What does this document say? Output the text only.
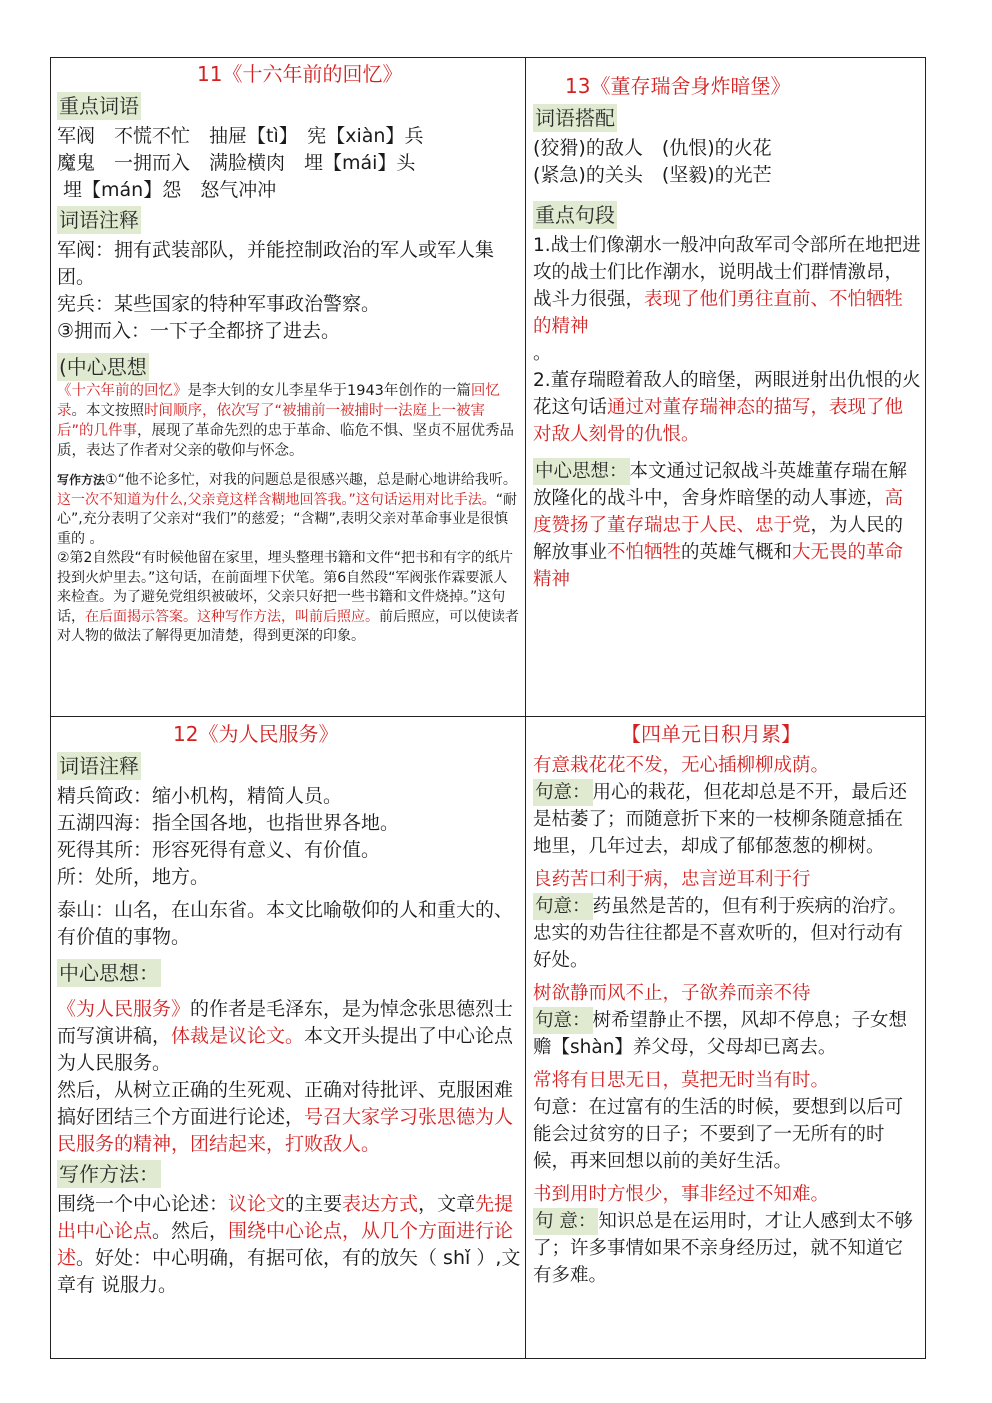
11《十六年前的回忆》
重点词语

军阀　不慌不忙　抽屉【tì】　宪【xiàn】兵

魔鬼　一拥而入　满脸横肉　埋【mái】头

埋【mán】怨　怒气冲冲

词语注释

军阀：拥有武装部队，并能控制政治的军人或军人集团。

宪兵：某些国家的特种军事政治警察。

③拥而入：一下子全都挤了进去。

(中心思想

《十六年前的回忆》是李大钊的女儿李星华于1943年创作的一篇回忆录。本文按照时间顺序，依次写了“被捕前一被捕时一法庭上一被害后”的几件事，展现了革命先烈的忠于革命、临危不惧、坚贞不屈优秀品质，表达了作者对父亲的敬仰与怀念。

写作方法①“他不论多忙，对我的问题总是很感兴趣，总是耐心地讲给我听。这一次不知道为什么,父亲竟这样含糊地回答我。”这句话运用对比手法。“耐心”,充分表明了父亲对“我们”的慈爱；“含糊”,表明父亲对革命事业是很慎重的 。

②第2自然段“有时候他留在家里，埋头整理书籍和文件“把书和有字的纸片投到火炉里去。”这句话，在前面埋下伏笔。第6自然段“军阀张作霖要派人来检查。为了避免党组织被破坏，父亲只好把一些书籍和文件烧掉。”这句话，在后面揭示答案。这种写作方法，叫前后照应。前后照应，可以使读者对人物的做法了解得更加清楚，得到更深的印象。

13《董存瑞舍身炸暗堡》
词语搭配

(狡猾)的敌人　(仇恨)的火花

(紧急)的关头　(坚毅)的光芒

重点句段

1.战士们像潮水一般冲向敌军司令部所在地把进攻的战士们比作潮水，说明战士们群情激昂，战斗力很强，表现了他们勇往直前、不怕牺牲的精神

。

2.董存瑞瞪着敌人的暗堡，两眼迸射出仇恨的火花这句话通过对董存瑞神态的描写，表现了他对敌人刻骨的仇恨。

中心思想： 本文通过记叙战斗英雄董存瑞在解放隆化的战斗中，舍身炸暗堡的动人事迹，高度赞扬了董存瑞忠于人民、忠于党，为人民的解放事业不怕牺牲的英雄气概和大无畏的革命精神

12《为人民服务》
词语注释

精兵简政：缩小机构，精简人员。

五湖四海：指全国各地，也指世界各地。

死得其所：形容死得有意义、有价值。

所：处所，地方。

泰山：山名，在山东省。本文比喻敬仰的人和重大的、有价值的事物。

中心思想：

《为人民服务》的作者是毛泽东，是为悼念张思德烈士而写演讲稿，体裁是议论文。本文开头提出了中心论点为人民服务。

然后，从树立正确的生死观、正确对待批评、克服困难搞好团结三个方面进行论述，号召大家学习张思德为人民服务的精神，团结起来，打败敌人。

写作方法：

围绕一个中心论述：议论文的主要表达方式，文章先提出中心论点。然后，围绕中心论点，从几个方面进行论述。好处：中心明确，有据可依，有的放矢（ shǐ ）,文章有 说服力。

【四单元日积月累】

有意栽花花不发，无心插柳柳成荫。

句意： 用心的栽花，但花却总是不开，最后还是枯萎了；而随意折下来的一枝柳条随意插在地里，几年过去，却成了郁郁葱葱的柳树。

良药苦口利于病，忠言逆耳利于行

句意： 药虽然是苦的，但有利于疾病的治疗。忠实的劝告往往都是不喜欢听的，但对行动有好处。

树欲静而风不止，子欲养而亲不待

句意： 树希望静止不摆，风却不停息；子女想赡【shàn】养父母，父母却已离去。

常将有日思无日，莫把无时当有时。

句意：在过富有的生活的时候，要想到以后可能会过贫穷的日子；不要到了一无所有的时候，再来回想以前的美好生活。

书到用时方恨少，事非经过不知难。

句 意： 知识总是在运用时，才让人感到太不够了；许多事情如果不亲身经历过，就不知道它有多难。
